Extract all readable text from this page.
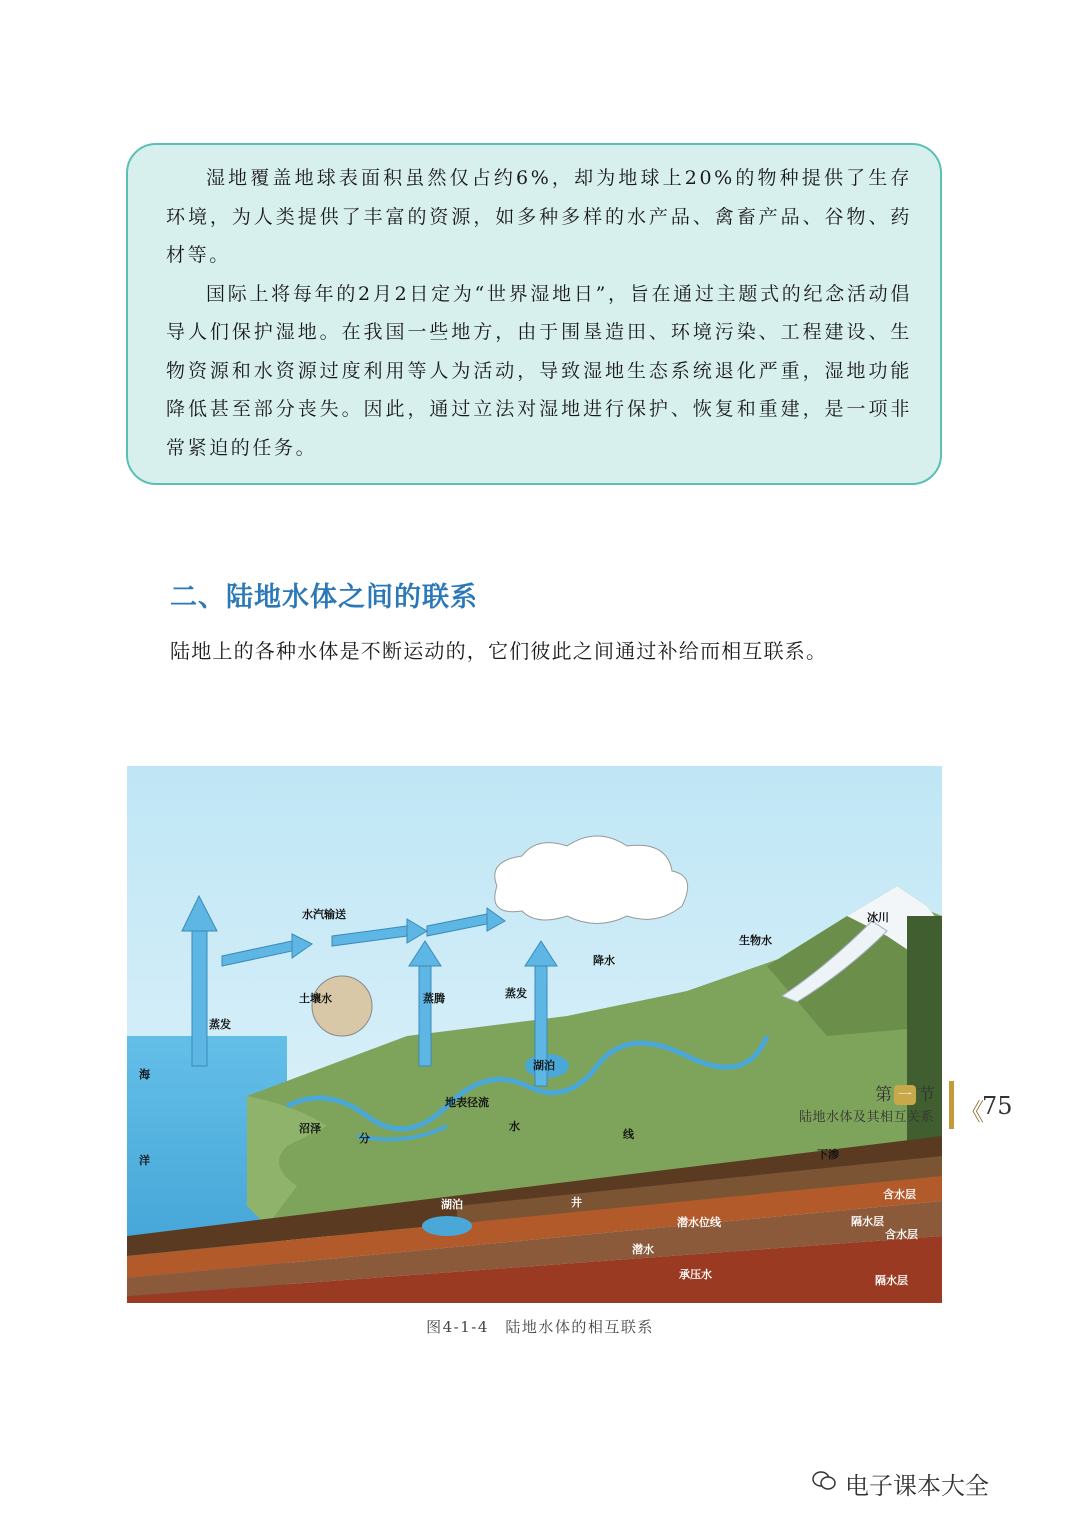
湿地覆盖地球表面积虽然仅占约6%，却为地球上20%的物种提供了生存环境，为人类提供了丰富的资源，如多种多样的水产品、禽畜产品、谷物、药材等。

国际上将每年的2月2日定为“世界湿地日”，旨在通过主题式的纪念活动倡导人们保护湿地。在我国一些地方，由于围垦造田、环境污染、工程建设、生物资源和水资源过度利用等人为活动，导致湿地生态系统退化严重，湿地功能降低甚至部分丧失。因此，通过立法对湿地进行保护、恢复和重建，是一项非常紧迫的任务。

二、陆地水体之间的联系

陆地上的各种水体是不断运动的，它们彼此之间通过补给而相互联系。

水汽输送
蒸发
土壤水	蒸腾	蒸发
降水
冰川
生物水
湖泊
海
洋
沼泽
地表径流
分
水
线
下渗
含水层
隔水层
含水层
隔水层
井
潜水位线
潜水
承压水
湖泊
图4-1-4　陆地水体的相互联系
第 一 节
陆地水体及其相互关系 《
75
电子课本大全
